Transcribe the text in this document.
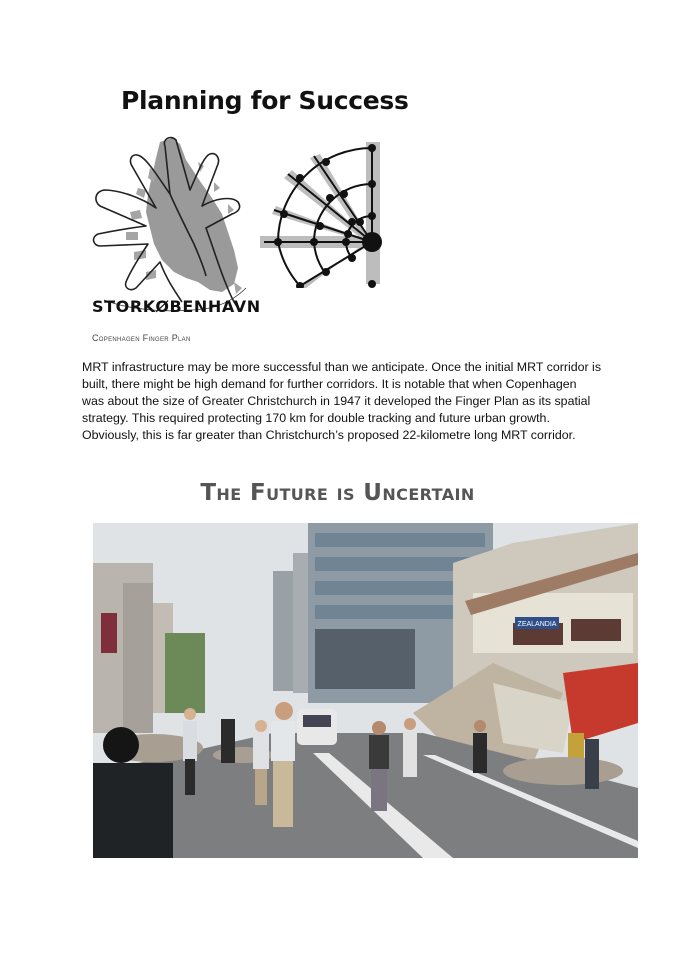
Planning for Success
STORKØBENHAVN
Copenhagen Finger Plan
MRT infrastructure may be more successful than we anticipate. Once the initial MRT corridor is built, there might be high demand for further corridors. It is notable that when Copenhagen was about the size of Greater Christchurch in 1947 it developed the Finger Plan as its spatial strategy. This required protecting 170 km for double tracking and future urban growth. Obviously, this is far greater than Christchurch’s proposed 22-kilometre long MRT corridor.
The Future is Uncertain
ZEALANDIA
